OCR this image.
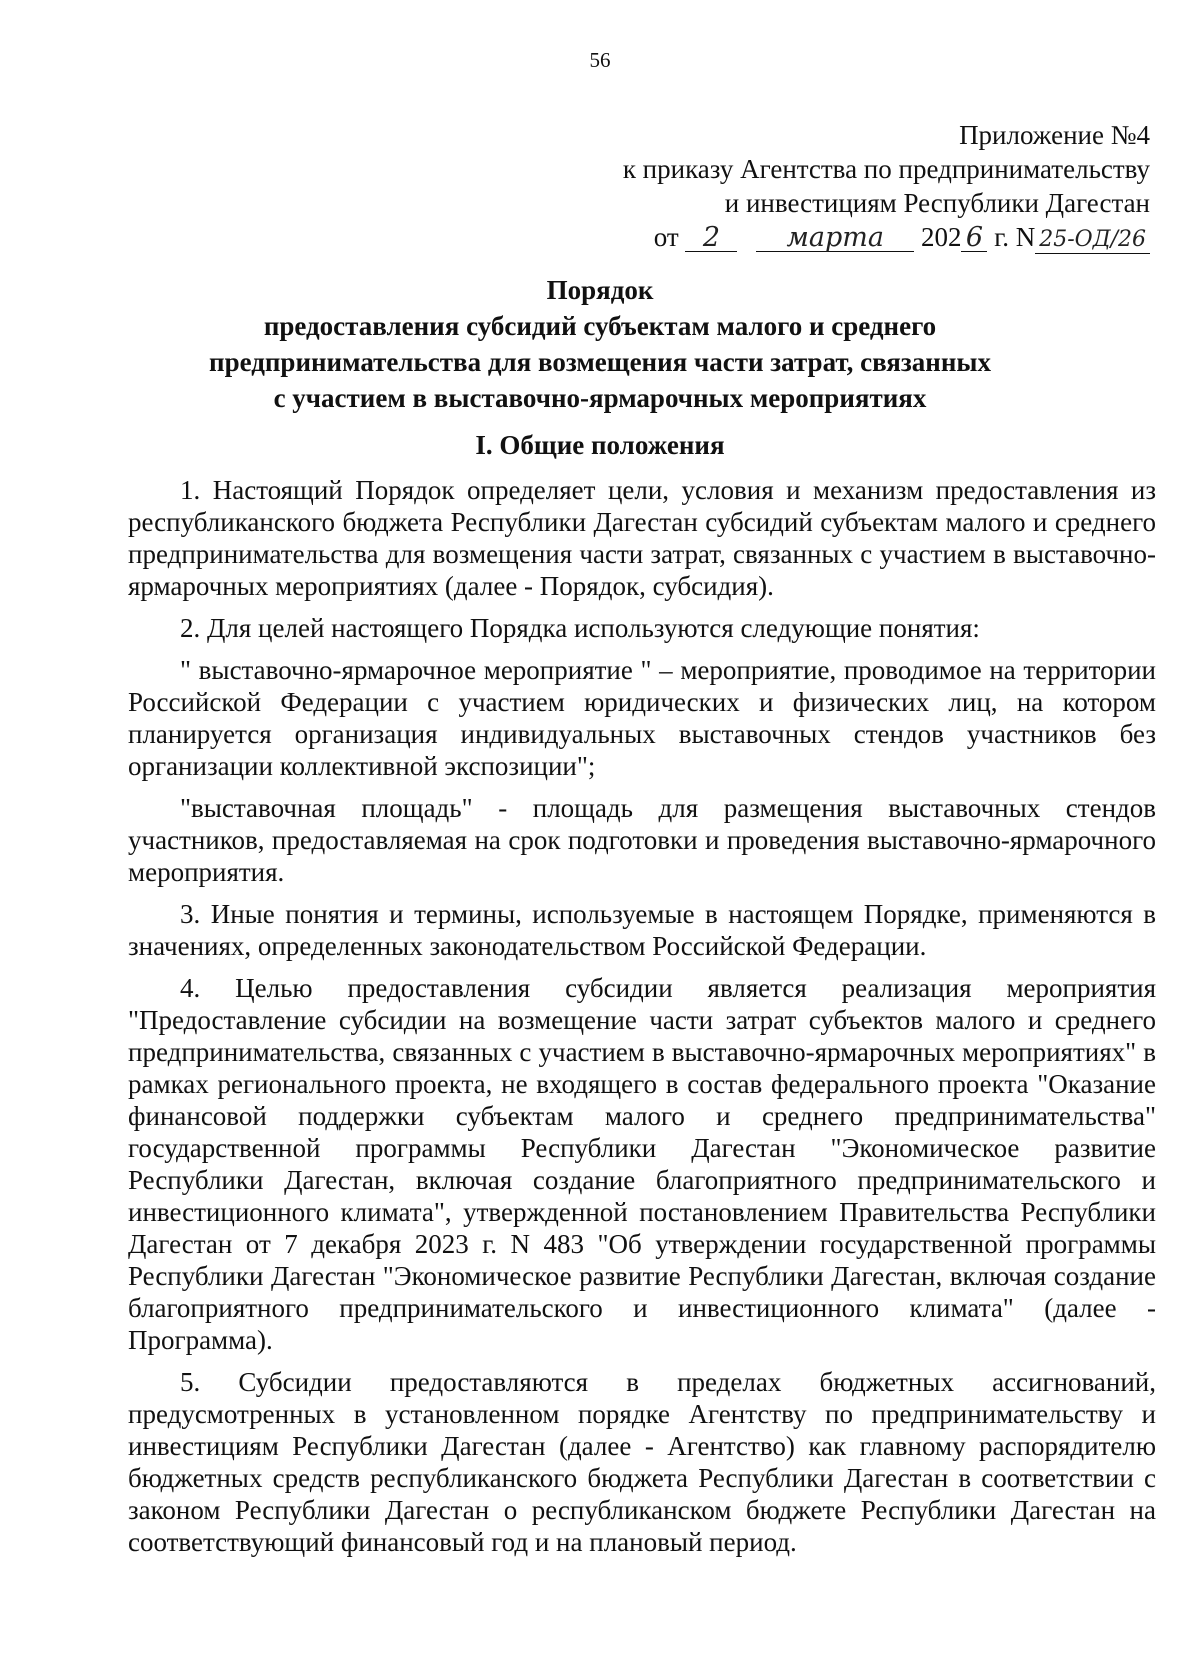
56
Приложение №4
к приказу Агентства по предпринимательству
и инвестициям Республики Дагестан
от 2 марта 202 6 г. N 25-ОД/26
Порядок
предоставления субсидий субъектам малого и среднего
предпринимательства для возмещения части затрат, связанных
с участием в выставочно-ярмарочных мероприятиях
I. Общие положения

1. Настоящий Порядок определяет цели, условия и механизм предоставления из республиканского бюджета Республики Дагестан субсидий субъектам малого и среднего предпринимательства для возмещения части затрат, связанных с участием в выставочно-ярмарочных мероприятиях (далее - Порядок, субсидия).

2. Для целей настоящего Порядка используются следующие понятия:

" выставочно-ярмарочное мероприятие " – мероприятие, проводимое на территории Российской Федерации с участием юридических и физических лиц, на котором планируется организация индивидуальных выставочных стендов участников без организации коллективной экспозиции";

"выставочная площадь" - площадь для размещения выставочных стендов участников, предоставляемая на срок подготовки и проведения выставочно-ярмарочного мероприятия.

3. Иные понятия и термины, используемые в настоящем Порядке, применяются в значениях, определенных законодательством Российской Федерации.

4. Целью предоставления субсидии является реализация мероприятия "Предоставление субсидии на возмещение части затрат субъектов малого и среднего предпринимательства, связанных с участием в выставочно-ярмарочных мероприятиях" в рамках регионального проекта, не входящего в состав федерального проекта "Оказание финансовой поддержки субъектам малого и среднего предпринимательства" государственной программы Республики Дагестан "Экономическое развитие Республики Дагестан, включая создание благоприятного предпринимательского и инвестиционного климата", утвержденной постановлением Правительства Республики Дагестан от 7 декабря 2023 г. N 483 "Об утверждении государственной программы Республики Дагестан "Экономическое развитие Республики Дагестан, включая создание благоприятного предпринимательского и инвестиционного климата" (далее - Программа).

5. Субсидии предоставляются в пределах бюджетных ассигнований, предусмотренных в установленном порядке Агентству по предпринимательству и инвестициям Республики Дагестан (далее - Агентство) как главному распорядителю бюджетных средств республиканского бюджета Республики Дагестан в соответствии с законом Республики Дагестан о республиканском бюджете Республики Дагестан на соответствующий финансовый год и на плановый период.
